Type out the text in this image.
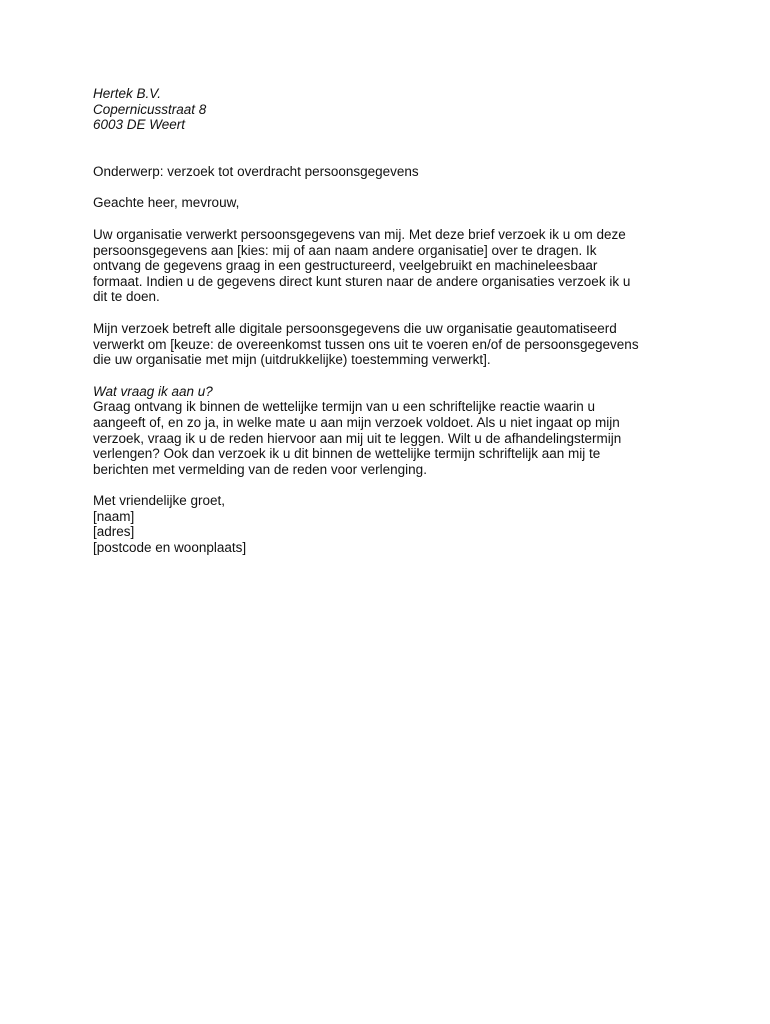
Hertek B.V.
Copernicusstraat 8
6003 DE Weert
Onderwerp: verzoek tot overdracht persoonsgegevens
Geachte heer, mevrouw,
Uw organisatie verwerkt persoonsgegevens van mij. Met deze brief verzoek ik u om deze
persoonsgegevens aan [kies: mij of aan naam andere organisatie] over te dragen. Ik
ontvang de gegevens graag in een gestructureerd, veelgebruikt en machineleesbaar
formaat. Indien u de gegevens direct kunt sturen naar de andere organisaties verzoek ik u
dit te doen.
Mijn verzoek betreft alle digitale persoonsgegevens die uw organisatie geautomatiseerd
verwerkt om [keuze: de overeenkomst tussen ons uit te voeren en/of de persoonsgegevens
die uw organisatie met mijn (uitdrukkelijke) toestemming verwerkt].
Wat vraag ik aan u?
Graag ontvang ik binnen de wettelijke termijn van u een schriftelijke reactie waarin u
aangeeft of, en zo ja, in welke mate u aan mijn verzoek voldoet. Als u niet ingaat op mijn
verzoek, vraag ik u de reden hiervoor aan mij uit te leggen. Wilt u de afhandelingstermijn
verlengen? Ook dan verzoek ik u dit binnen de wettelijke termijn schriftelijk aan mij te
berichten met vermelding van de reden voor verlenging.
Met vriendelijke groet,
[naam]
[adres]
[postcode en woonplaats]
